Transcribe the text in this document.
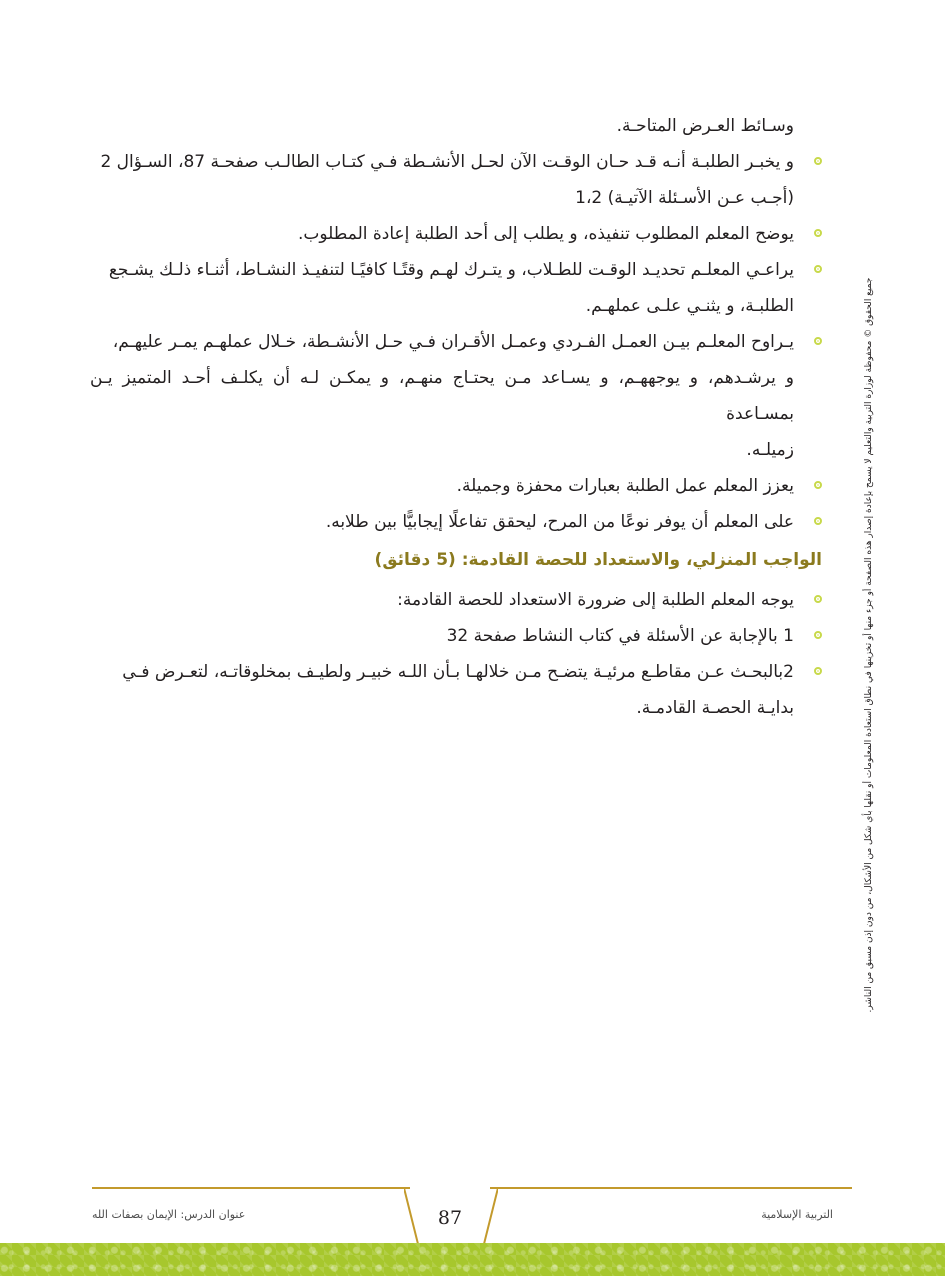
وسـائط العـرض المتاحـة.

و يخبـر الطلبـة أنـه قـد حـان الوقـت الآن لحـل الأنشـطة فـي كتـاب الطالـب صفحـة 87، السـؤال 2

(أجـب عـن الأسـئلة الآتيـة) 1،2

يوضح المعلم المطلوب تنفيذه، و يطلب إلى أحد الطلبة إعادة المطلوب.

يراعـي المعلـم تحديـد الوقـت للطـلاب، و يتـرك لهـم وقتًـا كافيًـا لتنفيـذ النشـاط، أثنـاء ذلـك يشـجع

الطلبـة، و يثنـي علـى عملهـم.

يـراوح المعلـم بيـن العمـل الفـردي وعمـل الأقـران فـي حـل الأنشـطة، خـلال عملهـم يمـر عليهـم،

و يرشـدهم، و يوجههـم، و يسـاعد مـن يحتـاج منهـم، و يمكـن لـه أن يكلـف أحـد المتميز يـن بمسـاعدة

زميلـه.

يعزز المعلم عمل الطلبة بعبارات محفزة وجميلة.

على المعلم أن يوفر نوعًا من المرح، ليحقق تفاعلًا إيجابيًّا بين طلابه.

الواجب المنزلي، والاستعداد للحصة القادمة: (5 دقائق)

يوجه المعلم الطلبة إلى ضرورة الاستعداد للحصة القادمة:

1 بالإجابة عن الأسئلة في كتاب النشاط صفحة 32

2بالبحـث عـن مقاطـع مرئيـة يتضـح مـن خلالهـا بـأن اللـه خبيـر ولطيـف بمخلوقاتـه، لتعـرض فـي

بدايـة الحصـة القادمـة.	جميع الحقوق © محفوظة لوزارة التربية والتعليم لا يسمح بإعادة إصدار هذه الصفحة أو جزء منها أو تخزينها في نطاق استعادة المعلومات أو نقلها بأي شكل من الأشكال، من دون إذن مسبق من الناشر.
87
عنوان الدرس: الإيمان بصفات الله	التربية الإسلامية
